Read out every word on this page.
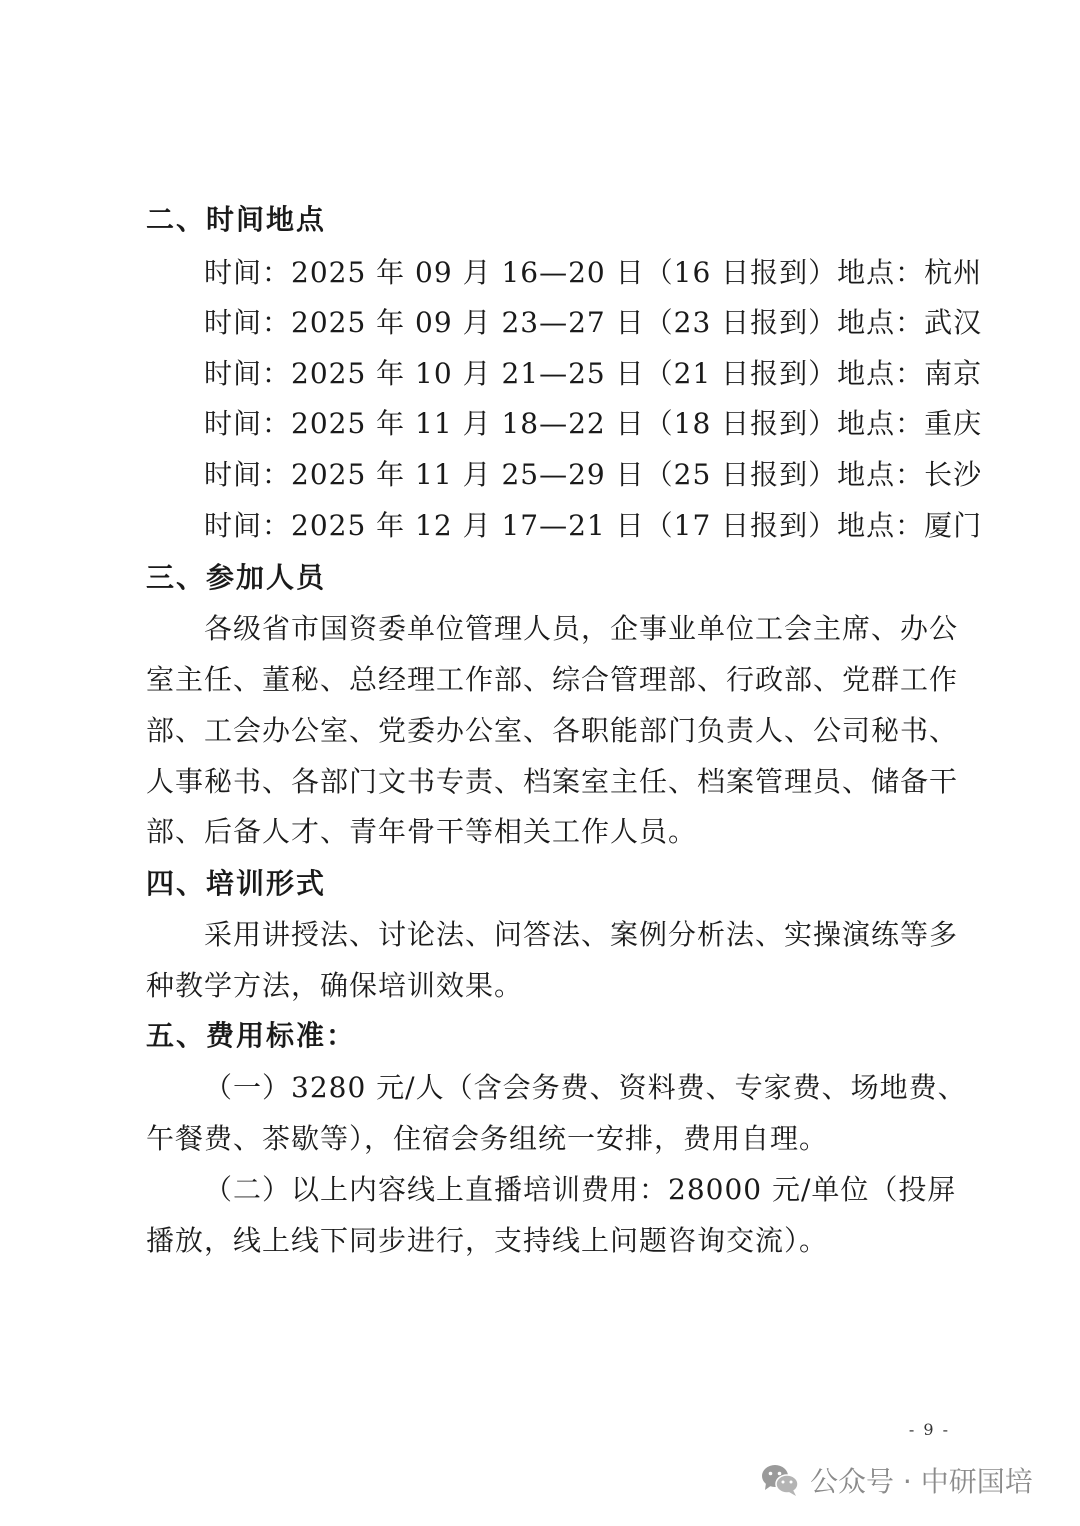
二、时间地点
时间：2025 年 09 月 16—20 日（16 日报到）地点：杭州
时间：2025 年 09 月 23—27 日（23 日报到）地点：武汉
时间：2025 年 10 月 21—25 日（21 日报到）地点：南京
时间：2025 年 11 月 18—22 日（18 日报到）地点：重庆
时间：2025 年 11 月 25—29 日（25 日报到）地点：长沙
时间：2025 年 12 月 17—21 日（17 日报到）地点：厦门
三、参加人员
各级省市国资委单位管理人员，企事业单位工会主席、办公
室主任、董秘、总经理工作部、综合管理部、行政部、党群工作
部、工会办公室、党委办公室、各职能部门负责人、公司秘书、
人事秘书、各部门文书专责、档案室主任、档案管理员、储备干
部、后备人才、青年骨干等相关工作人员。
四、培训形式
采用讲授法、讨论法、问答法、案例分析法、实操演练等多
种教学方法，确保培训效果。
五、费用标准：
（一）3280 元/人（含会务费、资料费、专家费、场地费、
午餐费、茶歇等），住宿会务组统一安排，费用自理。
（二）以上内容线上直播培训费用：28000 元/单位（投屏
播放，线上线下同步进行，支持线上问题咨询交流）。
- 9 -
公众号 · 中研国培
